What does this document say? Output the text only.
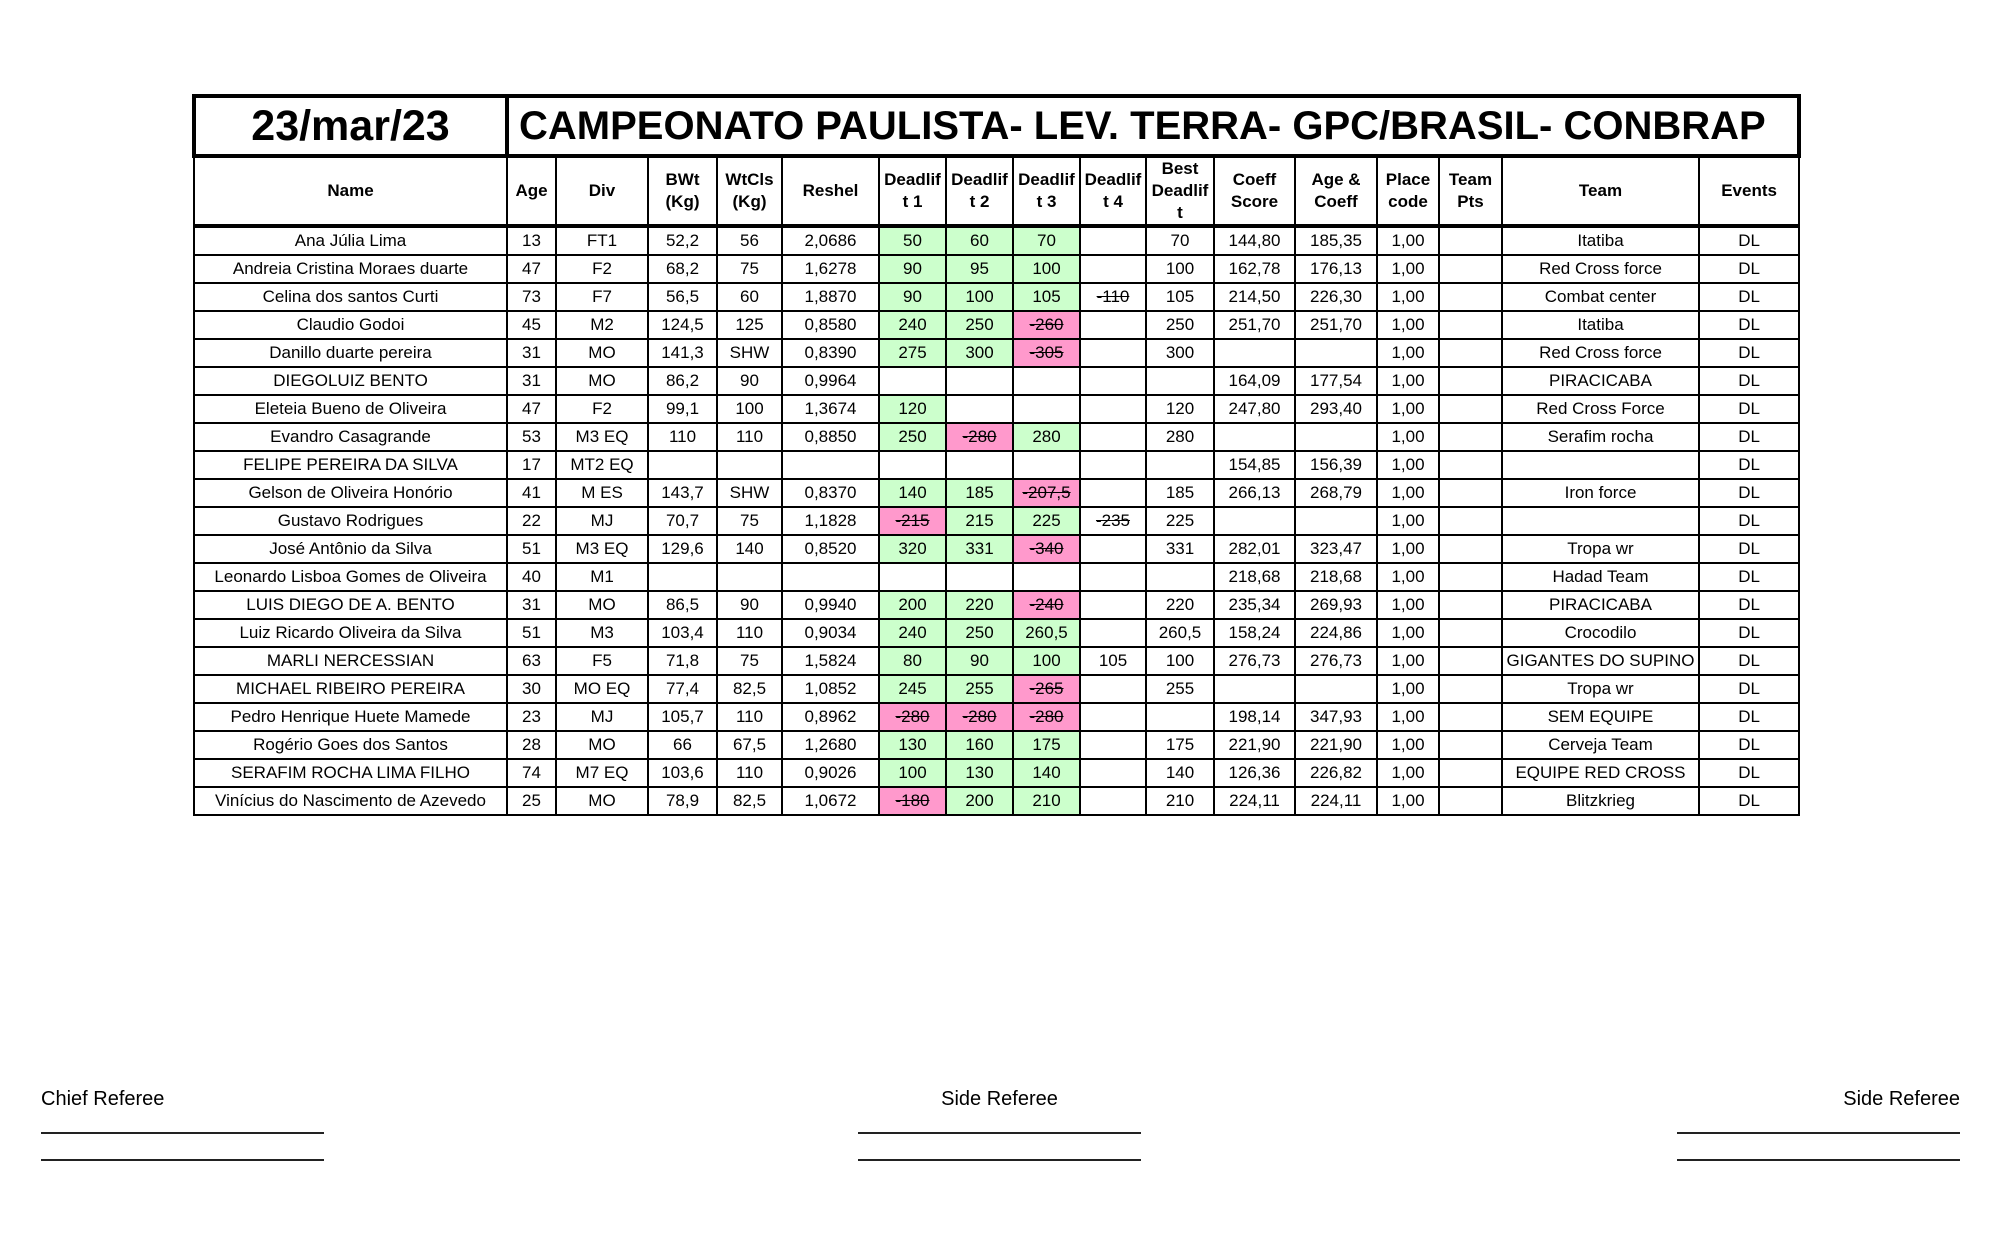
23/mar/23	CAMPEONATO PAULISTA- LEV. TERRA- GPC/BRASIL- CONBRAP															
Name	Age	Div	BWt (Kg)	WtCls (Kg)	Reshel	Deadlif t 1	Deadlif t 2	Deadlif t 3	Deadlif t 4	Best Deadlif t	Coeff Score	Age & Coeff	Place code	Team Pts	Team	Events
Ana Júlia Lima	13	FT1	52,2	56	2,0686	50	60	70		70	144,80	185,35	1,00		Itatiba	DL
Andreia Cristina Moraes duarte	47	F2	68,2	75	1,6278	90	95	100		100	162,78	176,13	1,00		Red Cross force	DL
Celina dos santos Curti	73	F7	56,5	60	1,8870	90	100	105	-110	105	214,50	226,30	1,00		Combat center	DL
Claudio Godoi	45	M2	124,5	125	0,8580	240	250	-260		250	251,70	251,70	1,00		Itatiba	DL
Danillo duarte pereira	31	MO	141,3	SHW	0,8390	275	300	-305		300			1,00		Red Cross force	DL
DIEGOLUIZ BENTO	31	MO	86,2	90	0,9964						164,09	177,54	1,00		PIRACICABA	DL
Eleteia Bueno de Oliveira	47	F2	99,1	100	1,3674	120				120	247,80	293,40	1,00		Red Cross Force	DL
Evandro Casagrande	53	M3 EQ	110	110	0,8850	250	-280	280		280			1,00		Serafim rocha	DL
FELIPE PEREIRA DA SILVA	17	MT2 EQ									154,85	156,39	1,00			DL
Gelson de Oliveira Honório	41	M ES	143,7	SHW	0,8370	140	185	-207,5		185	266,13	268,79	1,00		Iron force	DL
Gustavo Rodrigues	22	MJ	70,7	75	1,1828	-215	215	225	-235	225			1,00			DL
José Antônio da Silva	51	M3 EQ	129,6	140	0,8520	320	331	-340		331	282,01	323,47	1,00		Tropa wr	DL
Leonardo Lisboa Gomes de Oliveira	40	M1									218,68	218,68	1,00		Hadad Team	DL
LUIS DIEGO DE A. BENTO	31	MO	86,5	90	0,9940	200	220	-240		220	235,34	269,93	1,00		PIRACICABA	DL
Luiz Ricardo Oliveira da Silva	51	M3	103,4	110	0,9034	240	250	260,5		260,5	158,24	224,86	1,00		Crocodilo	DL
MARLI NERCESSIAN	63	F5	71,8	75	1,5824	80	90	100	105	100	276,73	276,73	1,00		GIGANTES DO SUPINO	DL
MICHAEL RIBEIRO PEREIRA	30	MO EQ	77,4	82,5	1,0852	245	255	-265		255			1,00		Tropa wr	DL
Pedro Henrique Huete Mamede	23	MJ	105,7	110	0,8962	-280	-280	-280			198,14	347,93	1,00		SEM EQUIPE	DL
Rogério Goes dos Santos	28	MO	66	67,5	1,2680	130	160	175		175	221,90	221,90	1,00		Cerveja Team	DL
SERAFIM ROCHA LIMA FILHO	74	M7 EQ	103,6	110	0,9026	100	130	140		140	126,36	226,82	1,00		EQUIPE RED CROSS	DL
Vinícius do Nascimento de Azevedo	25	MO	78,9	82,5	1,0672	-180	200	210		210	224,11	224,11	1,00		Blitzkrieg	DL
Chief Referee	Side Referee	Side Referee
